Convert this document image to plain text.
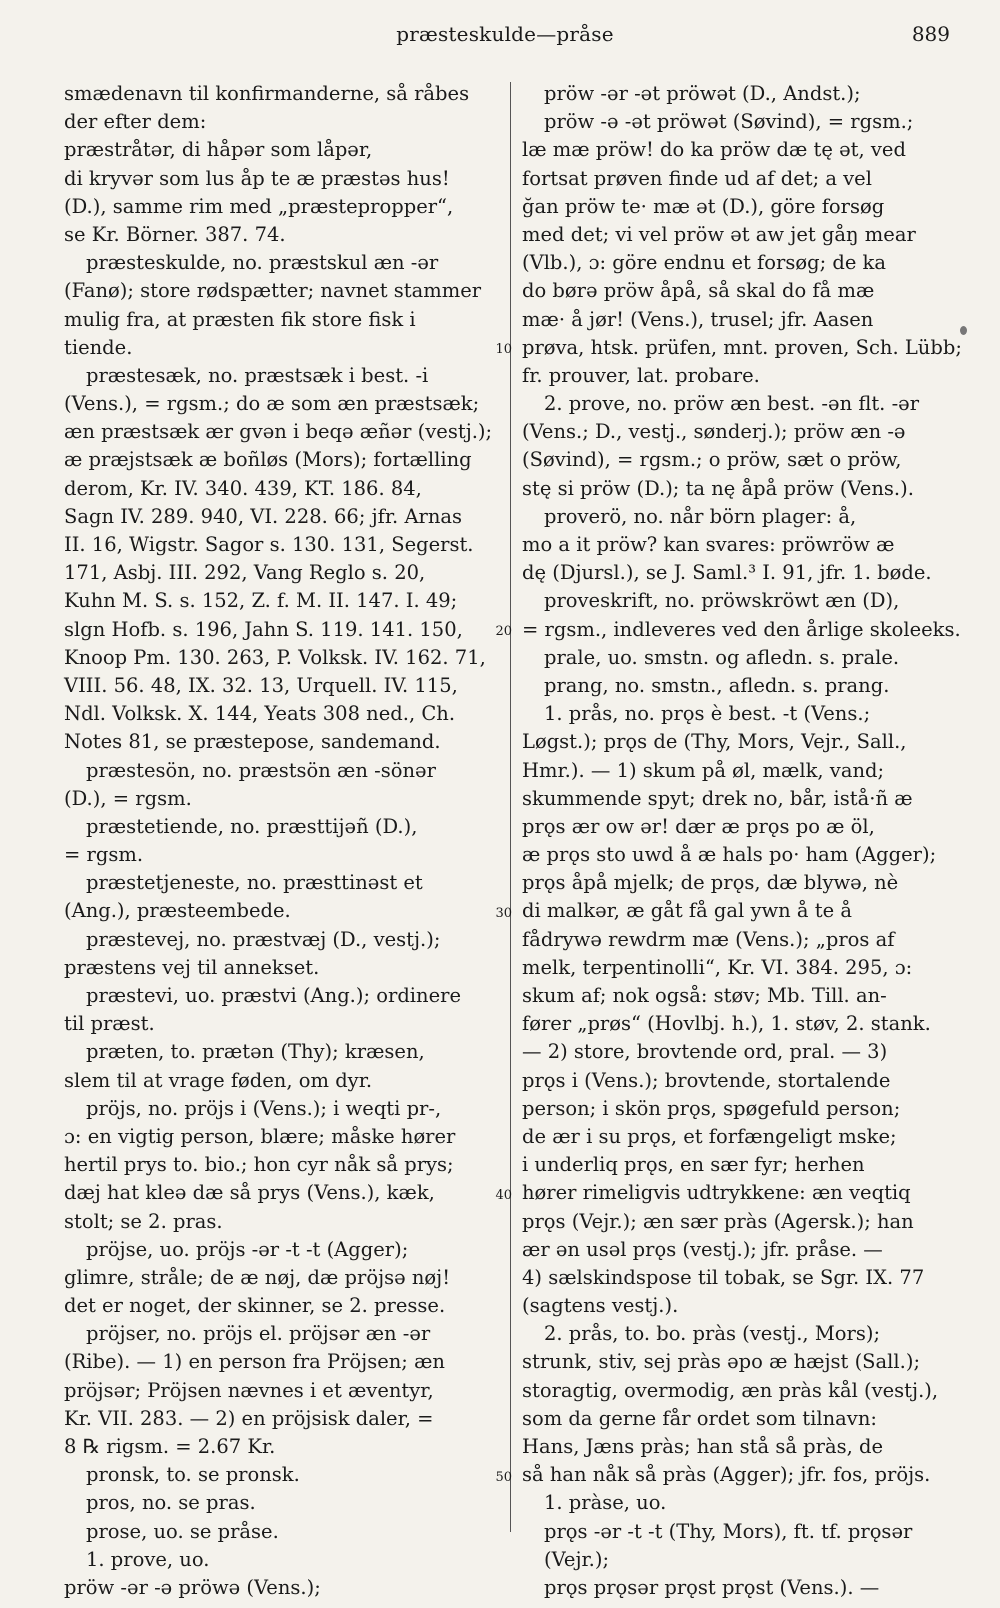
præsteskulde—pråse	889
smædenavn til konfirmanderne, så råbes
der efter dem:
præstråtər, di håpər som låpər,
di kryvər som lus åp te æ præstəs hus!
(D.), samme rim med „præstepropper“,
se Kr. Börner. 387. 74.
præsteskulde, no. præstskul æn -ər
(Fanø); store rødspætter; navnet stammer
mulig fra, at præsten fik store fisk i
tiende.
præstesæk, no. præstsæk i best. -i
(Vens.), = rgsm.; do æ som æn præstsæk;
æn præstsæk ær gvən i beqə æñər (vestj.);
æ præjstsæk æ boñløs (Mors); fortælling
derom, Kr. IV. 340. 439, KT. 186. 84,
Sagn IV. 289. 940, VI. 228. 66; jfr. Arnas
II. 16, Wigstr. Sagor s. 130. 131, Segerst.
171, Asbj. III. 292, Vang Reglo s. 20,
Kuhn M. S. s. 152, Z. f. M. II. 147. I. 49;
slgn Hofb. s. 196, Jahn S. 119. 141. 150,
Knoop Pm. 130. 263, P. Volksk. IV. 162. 71,
VIII. 56. 48, IX. 32. 13, Urquell. IV. 115,
Ndl. Volksk. X. 144, Yeats 308 ned., Ch.
Notes 81, se præstepose, sandemand.
præstesön, no. præstsön æn -sönər
(D.), = rgsm.
præstetiende, no. præsttijəñ (D.),
= rgsm.
præstetjeneste, no. præsttinəst et
(Ang.), præsteembede.
præstevej, no. præstvæj (D., vestj.);
præstens vej til annekset.
præstevi, uo. præstvi (Ang.); ordinere
til præst.
præten, to. prætən (Thy); kræsen,
slem til at vrage føden, om dyr.
pröjs, no. pröjs i (Vens.); i weqti pr-,
ɔ: en vigtig person, blære; måske hører
hertil prys to. bio.; hon cyr nåk så prys;
dæj hat kleə dæ så prys (Vens.), kæk,
stolt; se 2. pras.
pröjse, uo. pröjs -ər -t -t (Agger);
glimre, stråle; de æ nøj, dæ pröjsə nøj!
det er noget, der skinner, se 2. presse.
pröjser, no. pröjs el. pröjsər æn -ər
(Ribe). — 1) en person fra Pröjsen; æn
pröjsər; Pröjsen nævnes i et æventyr,
Kr. VII. 283. — 2) en pröjsisk daler, =
8 ℞ rigsm. = 2.67 Kr.
pronsk, to. se pronsk.
pros, no. se pras.
prose, uo. se pråse.
1. prove, uo.
pröw -ər -ə pröwə (Vens.);
10
20
30
40
50
pröw -ər -ət pröwət (D., Andst.);
pröw -ə -ət pröwət (Søvind), = rgsm.;
læ mæ pröw! do ka pröw dæ tę ət, ved
fortsat prøven finde ud af det; a vel
ğan pröw te· mæ ət (D.), göre forsøg
med det; vi vel pröw ət aw jet gåŋ mear
(Vlb.), ɔ: göre endnu et forsøg; de ka
do børə pröw åpå, så skal do få mæ
mæ· å jør! (Vens.), trusel; jfr. Aasen
prøva, htsk. prüfen, mnt. proven, Sch. Lübb;
fr. prouver, lat. probare.
2. prove, no. pröw æn best. -ən flt. -ər
(Vens.; D., vestj., sønderj.); pröw æn -ə
(Søvind), = rgsm.; o pröw, sæt o pröw,
stę si pröw (D.); ta nę åpå pröw (Vens.).
proverö, no. når börn plager: å,
mo a it pröw? kan svares: pröwröw æ
dę (Djursl.), se J. Saml.³ I. 91, jfr. 1. bøde.
proveskrift, no. pröwskröwt æn (D),
= rgsm., indleveres ved den årlige skoleeks.
prale, uo. smstn. og afledn. s. prale.
prang, no. smstn., afledn. s. prang.
1. prås, no. prǫs è best. -t (Vens.;
Løgst.); prǫs de (Thy, Mors, Vejr., Sall.,
Hmr.). — 1) skum på øl, mælk, vand;
skummende spyt; drek no, bår, istå·ñ æ
prǫs ær ow ər! dær æ prǫs po æ öl,
æ prǫs sto uwd å æ hals po· ham (Agger);
prǫs åpå mjelk; de prǫs, dæ blywə, nè
di malkər, æ gåt få gal ywn å te å
fådrywə rewdrm mæ (Vens.); „pros af
melk, terpentinolli“, Kr. VI. 384. 295, ɔ:
skum af; nok også: støv; Mb. Till. an-
fører „prøs“ (Hovlbj. h.), 1. støv, 2. stank.
— 2) store, brovtende ord, pral. — 3)
prǫs i (Vens.); brovtende, stortalende
person; i skön prǫs, spøgefuld person;
de ær i su prǫs, et forfængeligt mske;
i underliq prǫs, en sær fyr; herhen
hører rimeligvis udtrykkene: æn veqtiq
prǫs (Vejr.); æn sær pràs (Agersk.); han
ær ən usəl prǫs (vestj.); jfr. pråse. —
4) sælskindspose til tobak, se Sgr. IX. 77
(sagtens vestj.).
2. prås, to. bo. pràs (vestj., Mors);
strunk, stiv, sej pràs əpo æ hæjst (Sall.);
storagtig, overmodig, æn pràs kål (vestj.),
som da gerne får ordet som tilnavn:
Hans, Jæns pràs; han stå så pràs, de
så han nåk så pràs (Agger); jfr. fos, pröjs.
1. pràse, uo.
prǫs -ər -t -t (Thy, Mors), ft. tf. prǫsər
(Vejr.);
prǫs prǫsər prǫst prǫst (Vens.). —
